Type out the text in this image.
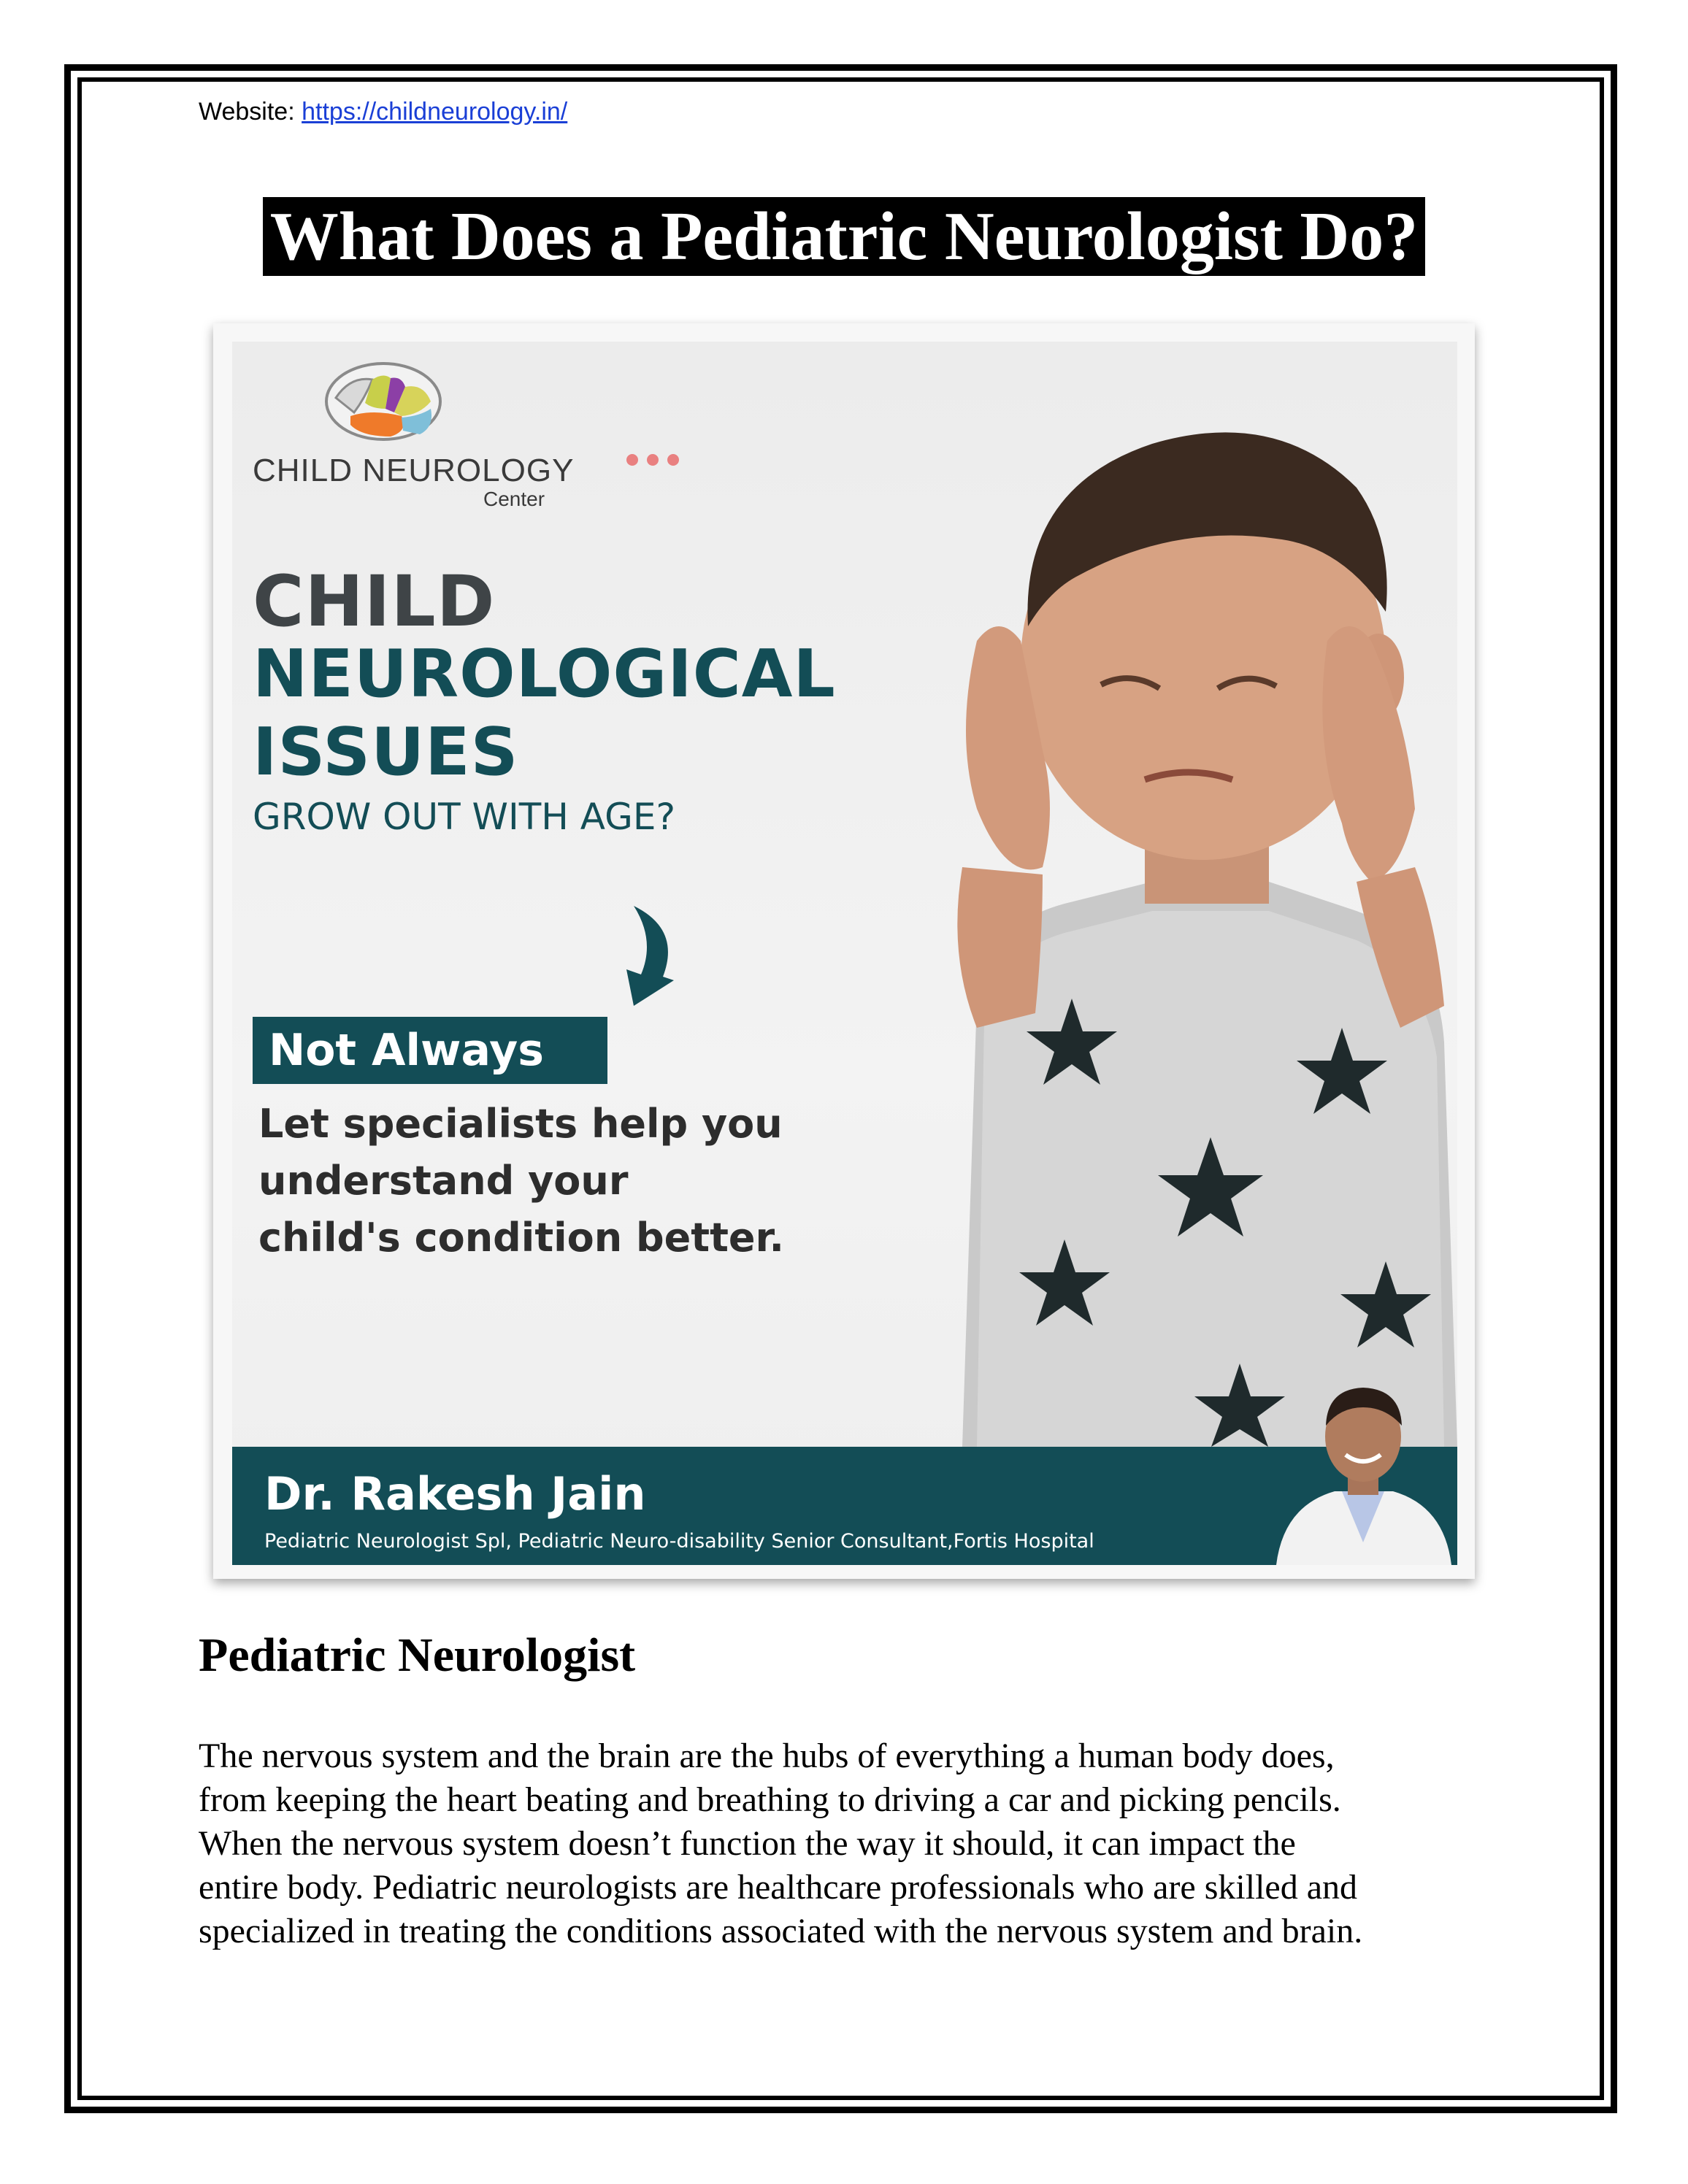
Website: https://childneurology.in/
What Does a Pediatric Neurologist Do?
CHILD NEUROLOGY
Center
CHILD
NEUROLOGICAL
ISSUES
GROW OUT WITH AGE?
Not Always
Let specialists help you
understand your
child's condition better.
Dr. Rakesh Jain
Pediatric Neurologist Spl, Pediatric Neuro-disability Senior Consultant,Fortis Hospital
Pediatric Neurologist
The nervous system and the brain are the hubs of everything a human body does,
from keeping the heart beating and breathing to driving a car and picking pencils.
When the nervous system doesn’t function the way it should, it can impact the
entire body. Pediatric neurologists are healthcare professionals who are skilled and
specialized in treating the conditions associated with the nervous system and brain.
